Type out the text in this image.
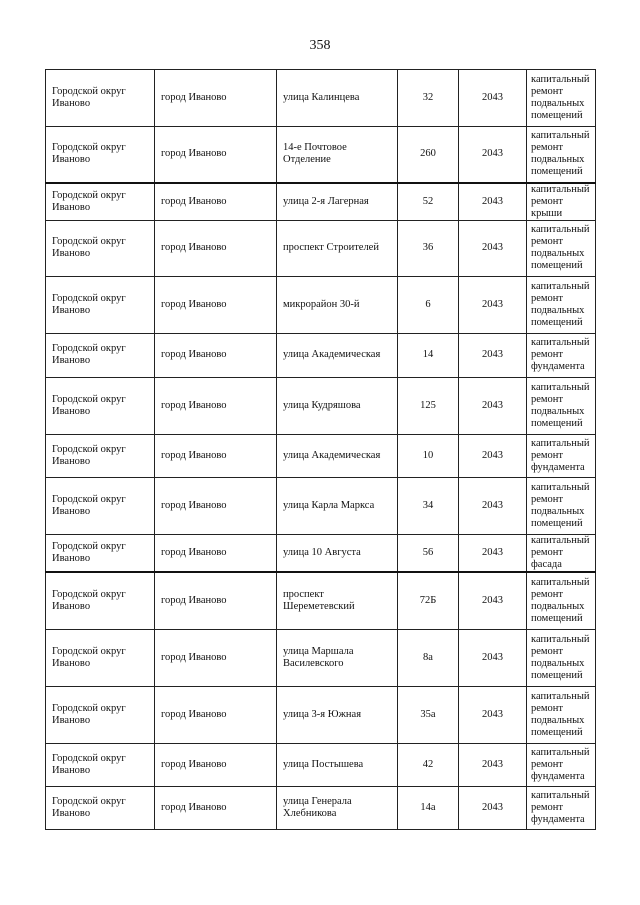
358
Городской округ Иваново	город Иваново	улица Калинцева	32	2043	капитальный ремонт подвальных помещений
Городской округ Иваново	город Иваново	14-е Почтовое Отделение	260	2043	капитальный ремонт подвальных помещений
Городской округ Иваново	город Иваново	улица 2-я Лагерная	52	2043	капитальный ремонт крыши
Городской округ Иваново	город Иваново	проспект Строителей	36	2043	капитальный ремонт подвальных помещений
Городской округ Иваново	город Иваново	микрорайон 30-й	6	2043	капитальный ремонт подвальных помещений
Городской округ Иваново	город Иваново	улица Академическая	14	2043	капитальный ремонт фундамента
Городской округ Иваново	город Иваново	улица Кудряшова	125	2043	капитальный ремонт подвальных помещений
Городской округ Иваново	город Иваново	улица Академическая	10	2043	капитальный ремонт фундамента
Городской округ Иваново	город Иваново	улица Карла Маркса	34	2043	капитальный ремонт подвальных помещений
Городской округ Иваново	город Иваново	улица 10 Августа	56	2043	капитальный ремонт фасада
Городской округ Иваново	город Иваново	проспект Шереметевский	72Б	2043	капитальный ремонт подвальных помещений
Городской округ Иваново	город Иваново	улица Маршала Василевского	8а	2043	капитальный ремонт подвальных помещений
Городской округ Иваново	город Иваново	улица 3-я Южная	35а	2043	капитальный ремонт подвальных помещений
Городской округ Иваново	город Иваново	улица Постышева	42	2043	капитальный ремонт фундамента
Городской округ Иваново	город Иваново	улица Генерала Хлебникова	14а	2043	капитальный ремонт фундамента
